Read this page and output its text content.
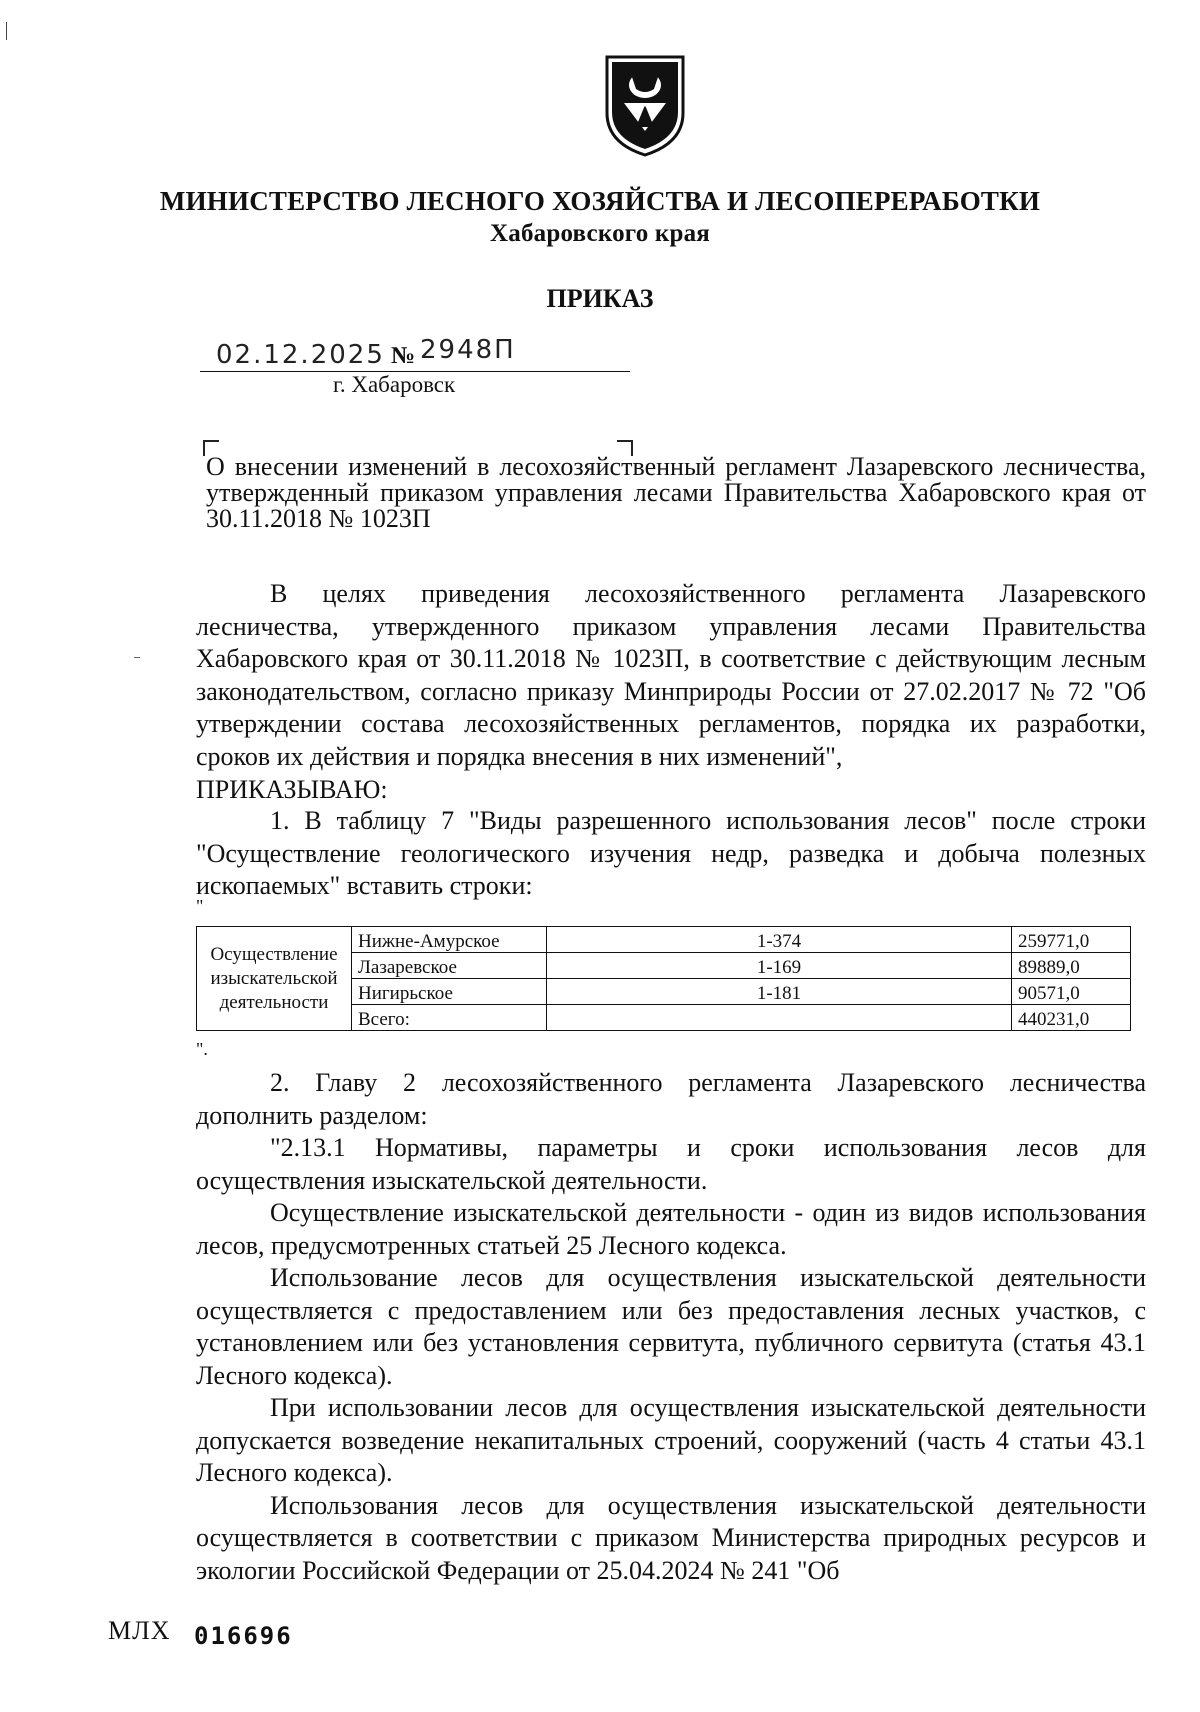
МИНИСТЕРСТВО ЛЕСНОГО ХОЗЯЙСТВА И ЛЕСОПЕРЕРАБОТКИ
Хабаровского края
ПРИКАЗ
02.12.2025 № 2948П
г. Хабаровск
О внесении изменений в лесохозяйственный регламент Лазаревского лесничества, утвержденный приказом управления лесами Правительства Хабаровского края от 30.11.2018 № 1023П
В целях приведения лесохозяйственного регламента Лазаревского лесничества, утвержденного приказом управления лесами Правительства Хабаровского края от 30.11.2018 № 1023П, в соответствие с действующим лесным законодательством, согласно приказу Минприроды России от 27.02.2017 № 72 "Об утверждении состава лесохозяйственных регламентов, порядка их разработки, сроков их действия и порядка внесения в них изменений",
ПРИКАЗЫВАЮ:
1. В таблицу 7 "Виды разрешенного использования лесов" после строки "Осуществление геологического изучения недр, разведка и добыча полезных ископаемых" вставить строки:
"
Осуществление изыскательской деятельности	Нижне-Амурское	1-374	259771,0
	Лазаревское	1-169	89889,0
	Нигирьское	1-181	90571,0
	Всего:		440231,0
".
2. Главу 2 лесохозяйственного регламента Лазаревского лесничества дополнить разделом:
"2.13.1 Нормативы, параметры и сроки использования лесов для осуществления изыскательской деятельности.
Осуществление изыскательской деятельности - один из видов использования лесов, предусмотренных статьей 25 Лесного кодекса.
Использование лесов для осуществления изыскательской деятельности осуществляется с предоставлением или без предоставления лесных участков, с установлением или без установления сервитута, публичного сервитута (статья 43.1 Лесного кодекса).
При использовании лесов для осуществления изыскательской деятельности допускается возведение некапитальных строений, сооружений (часть 4 статьи 43.1 Лесного кодекса).
Использования лесов для осуществления изыскательской деятельности осуществляется в соответствии с приказом Министерства природных ресурсов и экологии Российской Федерации от 25.04.2024 № 241 "Об
МЛХ 016696
